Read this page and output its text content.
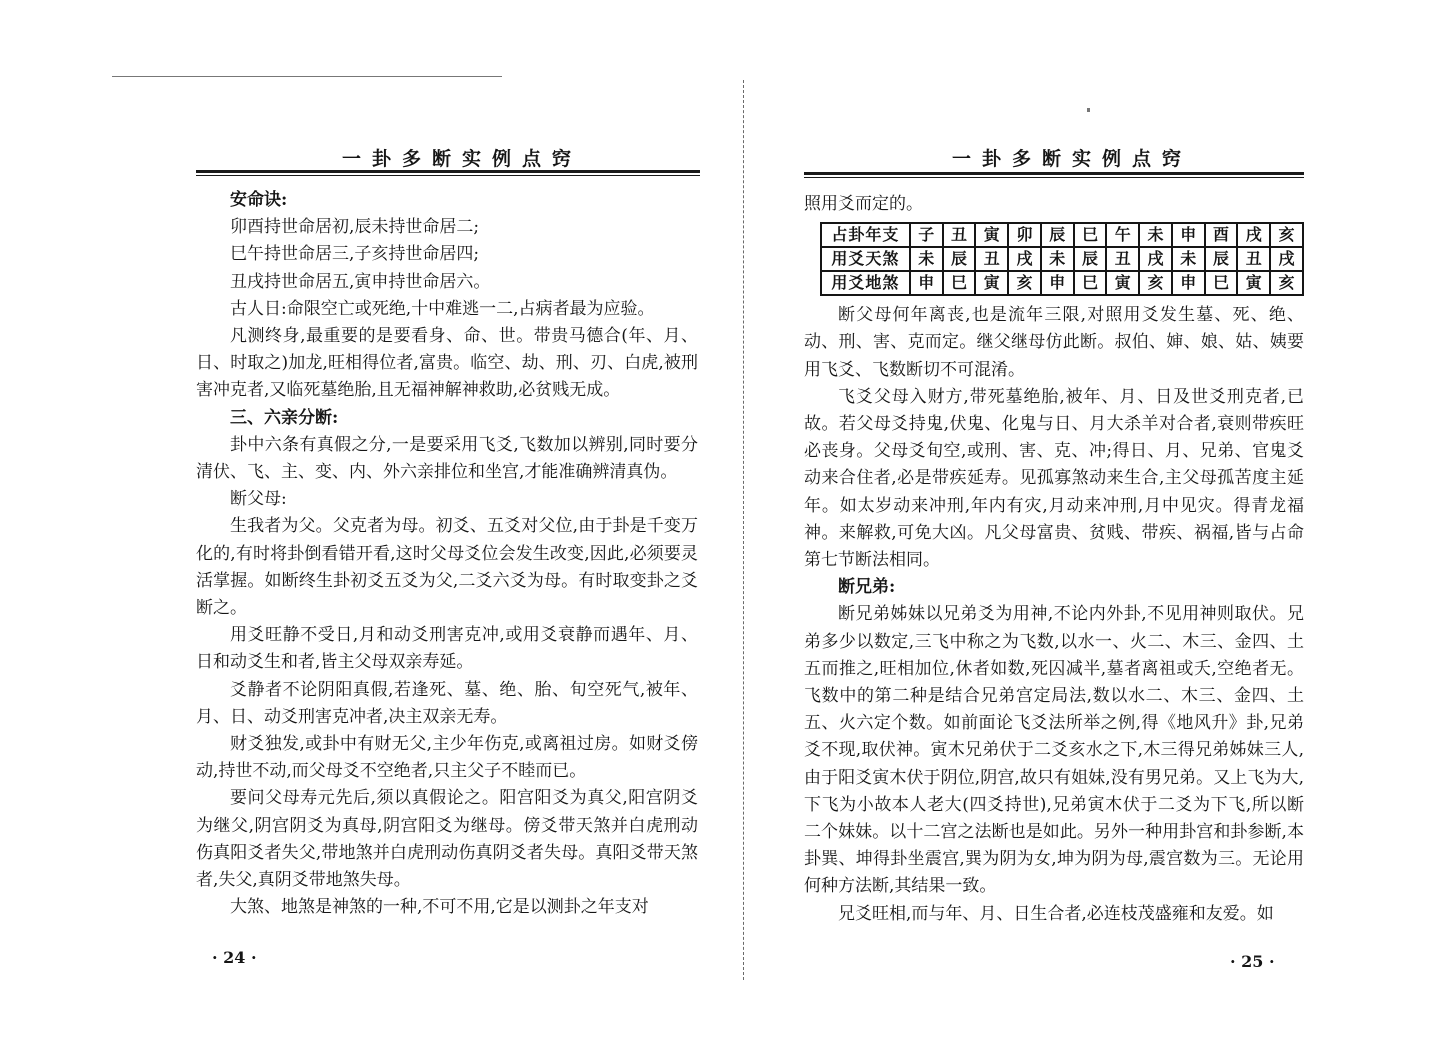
一卦多断实例点窍
安命诀:
卯酉持世命居初,辰未持世命居二;
巳午持世命居三,子亥持世命居四;
丑戌持世命居五,寅申持世命居六。

古人日:命限空亡或死绝,十中难逃一二,占病者最为应验。

凡测终身,最重要的是要看身、命、世。带贵马德合(年、月、日、时取之)加龙,旺相得位者,富贵。临空、劫、刑、刃、白虎,被刑害冲克者,又临死墓绝胎,且无福神解神救助,必贫贱无成。

三、六亲分断:

卦中六条有真假之分,一是要采用飞爻,飞数加以辨别,同时要分清伏、飞、主、变、内、外六亲排位和坐宫,才能准确辨清真伪。

断父母:

生我者为父。父克者为母。初爻、五爻对父位,由于卦是千变万化的,有时将卦倒看错开看,这时父母爻位会发生改变,因此,必须要灵活掌握。如断终生卦初爻五爻为父,二爻六爻为母。有时取变卦之爻断之。

用爻旺静不受日,月和动爻刑害克冲,或用爻衰静而遇年、月、日和动爻生和者,皆主父母双亲寿延。

爻静者不论阴阳真假,若逢死、墓、绝、胎、旬空死气,被年、月、日、动爻刑害克冲者,决主双亲无寿。

财爻独发,或卦中有财无父,主少年伤克,或离祖过房。如财爻傍动,持世不动,而父母爻不空绝者,只主父子不睦而已。

要问父母寿元先后,须以真假论之。阳宫阳爻为真父,阳宫阴爻为继父,阴宫阴爻为真母,阴宫阳爻为继母。傍爻带天煞并白虎刑动伤真阳爻者失父,带地煞并白虎刑动伤真阴爻者失母。真阳爻带天煞者,失父,真阴爻带地煞失母。

大煞、地煞是神煞的一种,不可不用,它是以测卦之年支对

· 24 ·
一卦多断实例点窍

照用爻而定的。

占卦年支	子	丑	寅	卯	辰	巳	午	未	申	酉	戌	亥
用爻天煞	未	辰	丑	戌	未	辰	丑	戌	未	辰	丑	戌
用爻地煞	申	巳	寅	亥	申	巳	寅	亥	申	巳	寅	亥

断父母何年离丧,也是流年三限,对照用爻发生墓、死、绝、动、刑、害、克而定。继父继母仿此断。叔伯、婶、娘、姑、姨要用飞爻、飞数断切不可混淆。

飞爻父母入财方,带死墓绝胎,被年、月、日及世爻刑克者,已故。若父母爻持鬼,伏鬼、化鬼与日、月大杀羊对合者,衰则带疾旺必丧身。父母爻旬空,或刑、害、克、冲;得日、月、兄弟、官鬼爻动来合住者,必是带疾延寿。见孤寡煞动来生合,主父母孤苦度主延年。如太岁动来冲刑,年内有灾,月动来冲刑,月中见灾。得青龙福神。来解救,可免大凶。凡父母富贵、贫贱、带疾、祸福,皆与占命第七节断法相同。

断兄弟:

断兄弟姊妹以兄弟爻为用神,不论内外卦,不见用神则取伏。兄弟多少以数定,三飞中称之为飞数,以水一、火二、木三、金四、土五而推之,旺相加位,休者如数,死囚减半,墓者离祖或夭,空绝者无。飞数中的第二种是结合兄弟宫定局法,数以水二、木三、金四、土五、火六定个数。如前面论飞爻法所举之例,得《地风升》卦,兄弟爻不现,取伏神。寅木兄弟伏于二爻亥水之下,木三得兄弟姊妹三人,由于阳爻寅木伏于阴位,阴宫,故只有姐妹,没有男兄弟。又上飞为大,下飞为小故本人老大(四爻持世),兄弟寅木伏于二爻为下飞,所以断二个妹妹。以十二宫之法断也是如此。另外一种用卦宫和卦参断,本卦巽、坤得卦坐震宫,巽为阴为女,坤为阴为母,震宫数为三。无论用何种方法断,其结果一致。

兄爻旺相,而与年、月、日生合者,必连枝茂盛雍和友爱。如

· 25 ·
